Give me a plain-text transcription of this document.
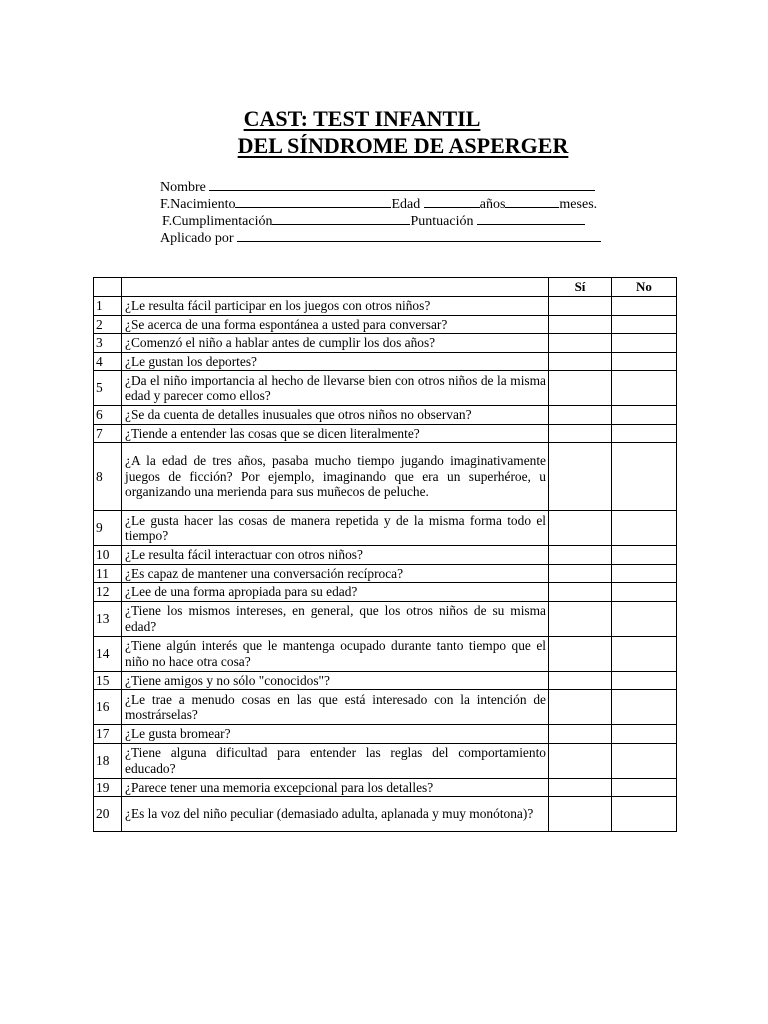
CAST: TEST INFANTIL
DEL SÍNDROME DE ASPERGER
Nombre
F.Nacimiento	Edad	años	meses.
F.Cumplimentación	Puntuación
Aplicado por
		Sí	No
1	¿Le resulta fácil participar en los juegos con otros niños?		
2	¿Se acerca de una forma espontánea a usted para conversar?		
3	¿Comenzó el niño a hablar antes de cumplir los dos años?		
4	¿Le gustan los deportes?		
5	¿Da el niño importancia al hecho de llevarse bien con otros niños de la misma edad y parecer como ellos?		
6	¿Se da cuenta de detalles inusuales que otros niños no observan?		
7	¿Tiende a entender las cosas que se dicen literalmente?		
8	¿A la edad de tres años, pasaba mucho tiempo jugando imaginativamente juegos de ficción? Por ejemplo, imaginando que era un superhéroe, u organizando una merienda para sus muñecos de peluche.		
9	¿Le gusta hacer las cosas de manera repetida y de la misma forma todo el tiempo?		
10	¿Le resulta fácil interactuar con otros niños?		
11	¿Es capaz de mantener una conversación recíproca?		
12	¿Lee de una forma apropiada para su edad?		
13	¿Tiene los mismos intereses, en general, que los otros niños de su misma edad?		
14	¿Tiene algún interés que le mantenga ocupado durante tanto tiempo que el niño no hace otra cosa?		
15	¿Tiene amigos y no sólo "conocidos"?		
16	¿Le trae a menudo cosas en las que está interesado con la intención de mostrárselas?		
17	¿Le gusta bromear?		
18	¿Tiene alguna dificultad para entender las reglas del comportamiento educado?		
19	¿Parece tener una memoria excepcional para los detalles?		
20	¿Es la voz del niño peculiar (demasiado adulta, aplanada y muy monótona)?		
